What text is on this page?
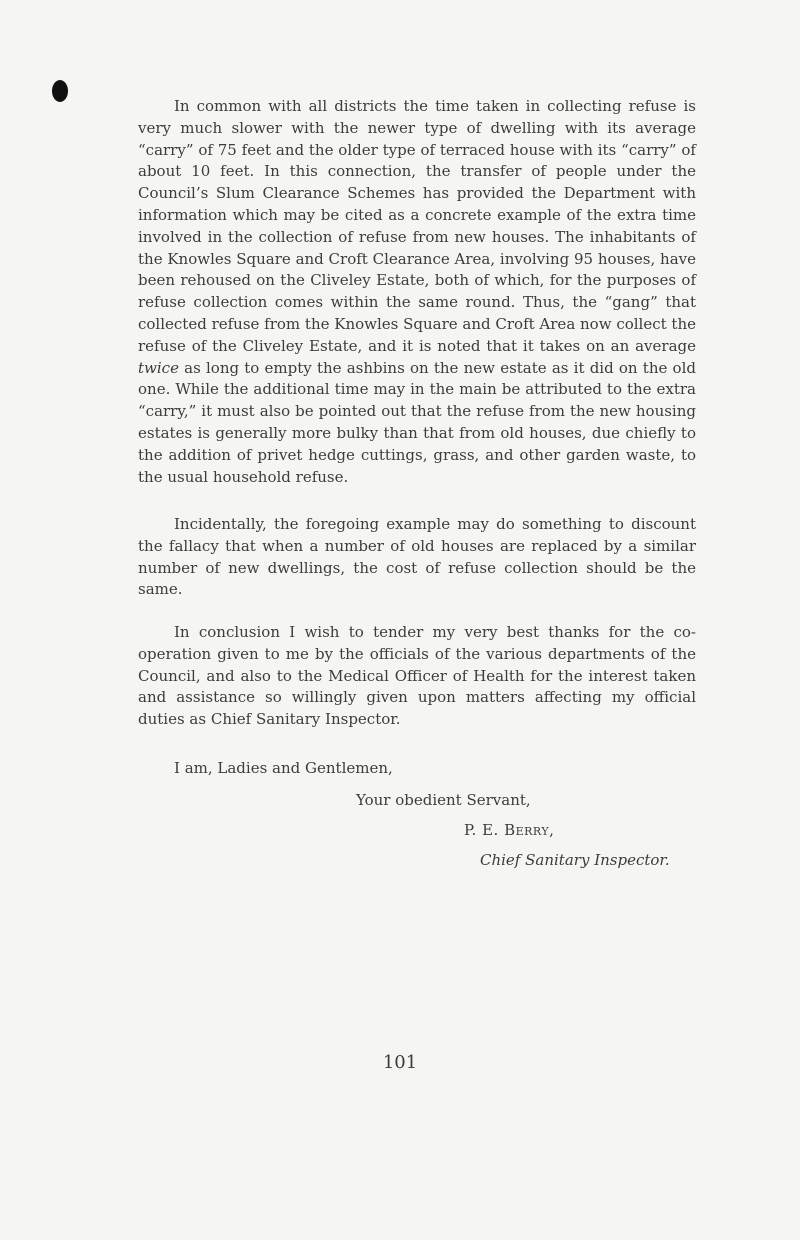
In common with all districts the time taken in collecting refuse is very much slower with the newer type of dwelling with its average “carry” of 75 feet and the older type of terraced house with its “carry” of about 10 feet. In this connection, the transfer of people under the Council’s Slum Clearance Schemes has provided the Department with information which may be cited as a concrete example of the extra time involved in the collection of refuse from new houses. The inhabitants of the Knowles Square and Croft Clearance Area, involving 95 houses, have been rehoused on the Cliveley Estate, both of which, for the purposes of refuse collection comes within the same round. Thus, the “gang” that collected refuse from the Knowles Square and Croft Area now collect the refuse of the Cliveley Estate, and it is noted that it takes on an average twice as long to empty the ashbins on the new estate as it did on the old one. While the additional time may in the main be attributed to the extra “carry,” it must also be pointed out that the refuse from the new housing estates is generally more bulky than that from old houses, due chiefly to the addition of privet hedge cuttings, grass, and other garden waste, to the usual household refuse.

Incidentally, the foregoing example may do something to discount the fallacy that when a number of old houses are replaced by a similar number of new dwellings, the cost of refuse collection should be the same.

In conclusion I wish to tender my very best thanks for the co-operation given to me by the officials of the various departments of the Council, and also to the Medical Officer of Health for the interest taken and assistance so willingly given upon matters affecting my official duties as Chief Sanitary Inspector.

I am, Ladies and Gentlemen,
Your obedient Servant,
P. E. Berry,
Chief Sanitary Inspector.
101
